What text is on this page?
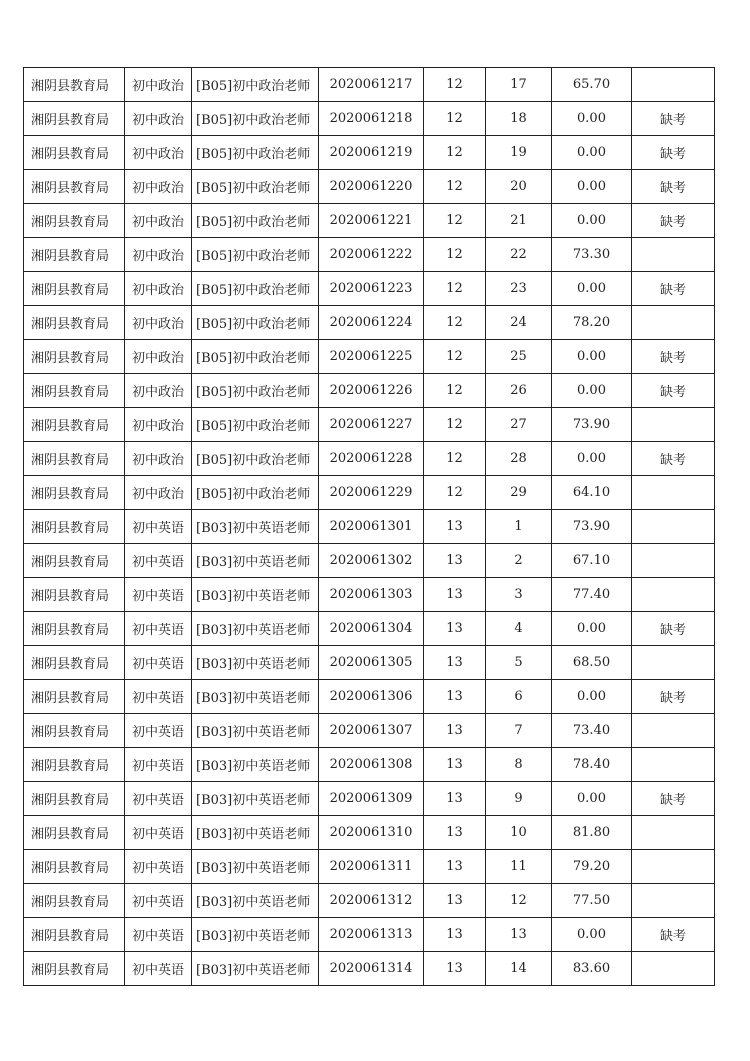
湘阴县教育局	初中政治	[B05]初中政治老师	2020061217	12	17	65.70	
湘阴县教育局	初中政治	[B05]初中政治老师	2020061218	12	18	0.00	缺考
湘阴县教育局	初中政治	[B05]初中政治老师	2020061219	12	19	0.00	缺考
湘阴县教育局	初中政治	[B05]初中政治老师	2020061220	12	20	0.00	缺考
湘阴县教育局	初中政治	[B05]初中政治老师	2020061221	12	21	0.00	缺考
湘阴县教育局	初中政治	[B05]初中政治老师	2020061222	12	22	73.30	
湘阴县教育局	初中政治	[B05]初中政治老师	2020061223	12	23	0.00	缺考
湘阴县教育局	初中政治	[B05]初中政治老师	2020061224	12	24	78.20	
湘阴县教育局	初中政治	[B05]初中政治老师	2020061225	12	25	0.00	缺考
湘阴县教育局	初中政治	[B05]初中政治老师	2020061226	12	26	0.00	缺考
湘阴县教育局	初中政治	[B05]初中政治老师	2020061227	12	27	73.90	
湘阴县教育局	初中政治	[B05]初中政治老师	2020061228	12	28	0.00	缺考
湘阴县教育局	初中政治	[B05]初中政治老师	2020061229	12	29	64.10	
湘阴县教育局	初中英语	[B03]初中英语老师	2020061301	13	1	73.90	
湘阴县教育局	初中英语	[B03]初中英语老师	2020061302	13	2	67.10	
湘阴县教育局	初中英语	[B03]初中英语老师	2020061303	13	3	77.40	
湘阴县教育局	初中英语	[B03]初中英语老师	2020061304	13	4	0.00	缺考
湘阴县教育局	初中英语	[B03]初中英语老师	2020061305	13	5	68.50	
湘阴县教育局	初中英语	[B03]初中英语老师	2020061306	13	6	0.00	缺考
湘阴县教育局	初中英语	[B03]初中英语老师	2020061307	13	7	73.40	
湘阴县教育局	初中英语	[B03]初中英语老师	2020061308	13	8	78.40	
湘阴县教育局	初中英语	[B03]初中英语老师	2020061309	13	9	0.00	缺考
湘阴县教育局	初中英语	[B03]初中英语老师	2020061310	13	10	81.80	
湘阴县教育局	初中英语	[B03]初中英语老师	2020061311	13	11	79.20	
湘阴县教育局	初中英语	[B03]初中英语老师	2020061312	13	12	77.50	
湘阴县教育局	初中英语	[B03]初中英语老师	2020061313	13	13	0.00	缺考
湘阴县教育局	初中英语	[B03]初中英语老师	2020061314	13	14	83.60	
